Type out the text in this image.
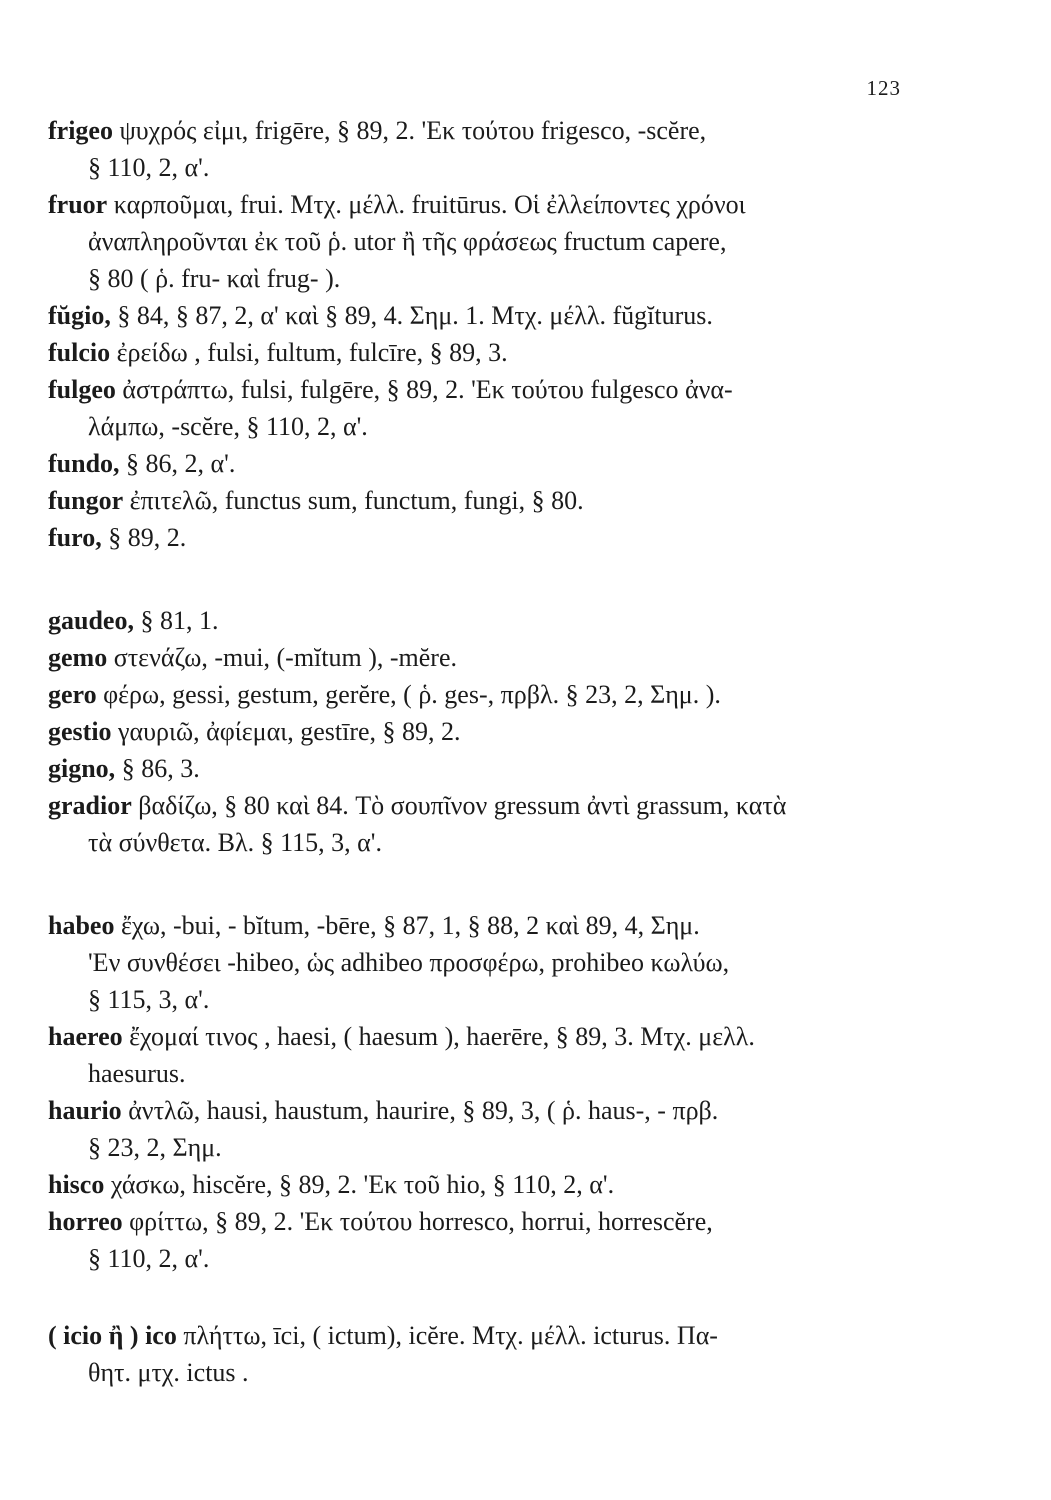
123
frigeo ψυχρός εἰμι, frigēre, § 89, 2. 'Eκ τούτου frigesco, -scĕre,
§ 110, 2, α'.
fruor καρποῦμαι, frui. Mτχ. μέλλ. fruitūrus. Oἱ ἐλλείποντες χρόνοι
ἀναπληροῦνται ἐκ τοῦ ῥ. utor ἢ τῆς φράσεως fructum capere,
§ 80 ( ῥ. fru- καὶ frug- ).
fŭgio, § 84, § 87, 2, α' καὶ § 89, 4. Σημ. 1. Mτχ. μέλλ. fŭgĭturus.
fulcio ἐρείδω , fulsi, fultum, fulcīre, § 89, 3.
fulgeo ἀστράπτω, fulsi, fulgēre, § 89, 2. 'Eκ τούτου fulgesco ἀνα-
λάμπω, -scĕre, § 110, 2, α'.
fundo, § 86, 2, α'.
fungor ἐπιτελῶ, functus sum, functum, fungi, § 80.
furo, § 89, 2.
gaudeo, § 81, 1.
gemo στενάζω, -mui, (-mĭtum ), -mĕre.
gero φέρω, gessi, gestum, gerĕre, ( ῥ. ges-, πρβλ. § 23, 2, Σημ. ).
gestio γαυριῶ, ἀφίεμαι, gestīre, § 89, 2.
gigno, § 86, 3.
gradior βαδίζω, § 80 καὶ 84. Tὸ σουπῖνον gressum ἀντὶ grassum, κατὰ
τὰ σύνθετα. Bλ. § 115, 3, α'.
habeo ἔχω, -bui, - bĭtum, -bēre, § 87, 1, § 88, 2 καὶ 89, 4, Σημ.
'Eν συνθέσει -hibeo, ὡς adhibeo προσφέρω, prohibeo κωλύω,
§ 115, 3, α'.
haereo ἔχομαί τινος , haesi, ( haesum ), haerēre, § 89, 3. Mτχ. μελλ.
haesurus.
haurio ἀντλῶ, hausi, haustum, haurire, § 89, 3, ( ῥ. haus-, - πρβ.
§ 23, 2, Σημ.
hisco χάσκω, hiscĕre, § 89, 2. 'Eκ τοῦ hio, § 110, 2, α'.
horreo φρίττω, § 89, 2. 'Eκ τούτου horresco, horrui, horrescĕre,
§ 110, 2, α'.
( icio ἢ ) ico πλήττω, īci, ( ictum), icĕre. Mτχ. μέλλ. icturus. Πα-
θητ. μτχ. ictus .
